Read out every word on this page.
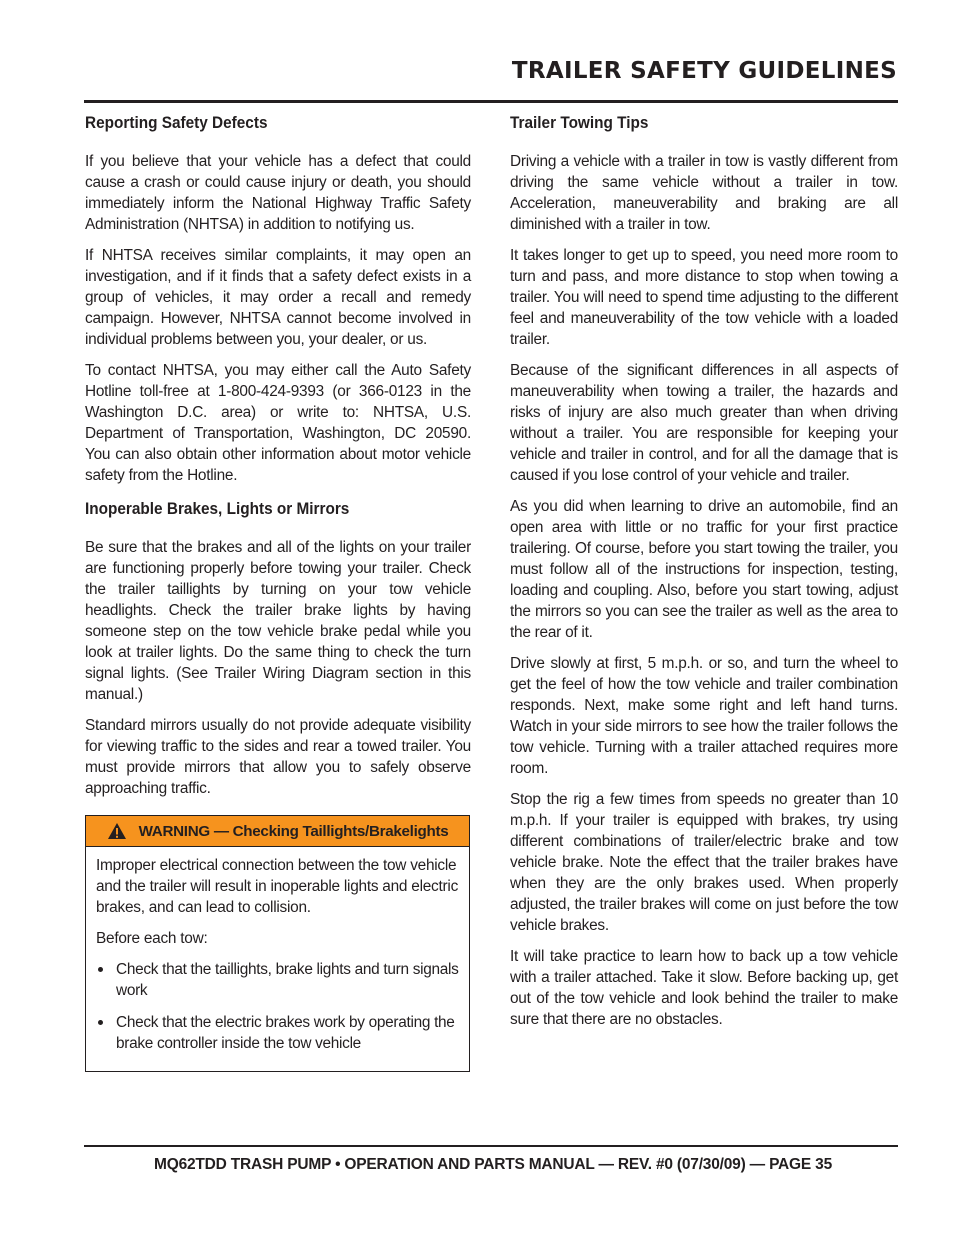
TRAILER SAFETY GUIDELINES
Reporting Safety Defects

If you believe that your vehicle has a defect that could cause a crash or could cause injury or death, you should immediately inform the National Highway Traffic Safety Administration (NHTSA) in addition to notifying us.

If NHTSA receives similar complaints, it may open an investigation, and if it finds that a safety defect exists in a group of vehicles, it may order a recall and remedy campaign. However, NHTSA cannot become involved in individual problems between you, your dealer, or us.

To contact NHTSA, you may either call the Auto Safety Hotline toll-free at 1-800-424-9393 (or 366-0123 in the Washington D.C. area) or write to: NHTSA, U.S. Department of Transportation, Washington, DC 20590. You can also obtain other information about motor vehicle safety from the Hotline.

Inoperable Brakes, Lights or Mirrors

Be sure that the brakes and all of the lights on your trailer are functioning properly before towing your trailer. Check the trailer taillights by turning on your tow vehicle headlights. Check the trailer brake lights by having someone step on the tow vehicle brake pedal while you look at trailer lights. Do the same thing to check the turn signal lights. (See Trailer Wiring Diagram section in this manual.)

Standard mirrors usually do not provide adequate visibility for viewing traffic to the sides and rear a towed trailer. You must provide mirrors that allow you to safely observe approaching traffic.

WARNING — Checking Taillights/Brakelights

Improper electrical connection between the tow vehicle and the trailer will result in inoperable lights and electric brakes, and can lead to collision.

Before each tow:

Check that the taillights, brake lights and turn signals work
Check that the electric brakes work by operating the brake controller inside the tow vehicle
Trailer Towing Tips

Driving a vehicle with a trailer in tow is vastly different from driving the same vehicle without a trailer in tow. Acceleration, maneuverability and braking are all diminished with a trailer in tow.

It takes longer to get up to speed, you need more room to turn and pass, and more distance to stop when towing a trailer. You will need to spend time adjusting to the different feel and maneuverability of the tow vehicle with a loaded trailer.

Because of the significant differences in all aspects of maneuverability when towing a trailer, the hazards and risks of injury are also much greater than when driving without a trailer. You are responsible for keeping your vehicle and trailer in control, and for all the damage that is caused if you lose control of your vehicle and trailer.

As you did when learning to drive an automobile, find an open area with little or no traffic for your first practice trailering. Of course, before you start towing the trailer, you must follow all of the instructions for inspection, testing, loading and coupling. Also, before you start towing, adjust the mirrors so you can see the trailer as well as the area to the rear of it.

Drive slowly at first, 5 m.p.h. or so, and turn the wheel to get the feel of how the tow vehicle and trailer combination responds. Next, make some right and left hand turns. Watch in your side mirrors to see how the trailer follows the tow vehicle. Turning with a trailer attached requires more room.

Stop the rig a few times from speeds no greater than 10 m.p.h. If your trailer is equipped with brakes, try using different combinations of trailer/electric brake and tow vehicle brake. Note the effect that the trailer brakes have when they are the only brakes used. When properly adjusted, the trailer brakes will come on just before the tow vehicle brakes.

It will take practice to learn how to back up a tow vehicle with a trailer attached. Take it slow. Before backing up, get out of the tow vehicle and look behind the trailer to make sure that there are no obstacles.

MQ62TDD TRASH PUMP • OPERATION AND PARTS MANUAL — REV. #0 (07/30/09) — PAGE 35
